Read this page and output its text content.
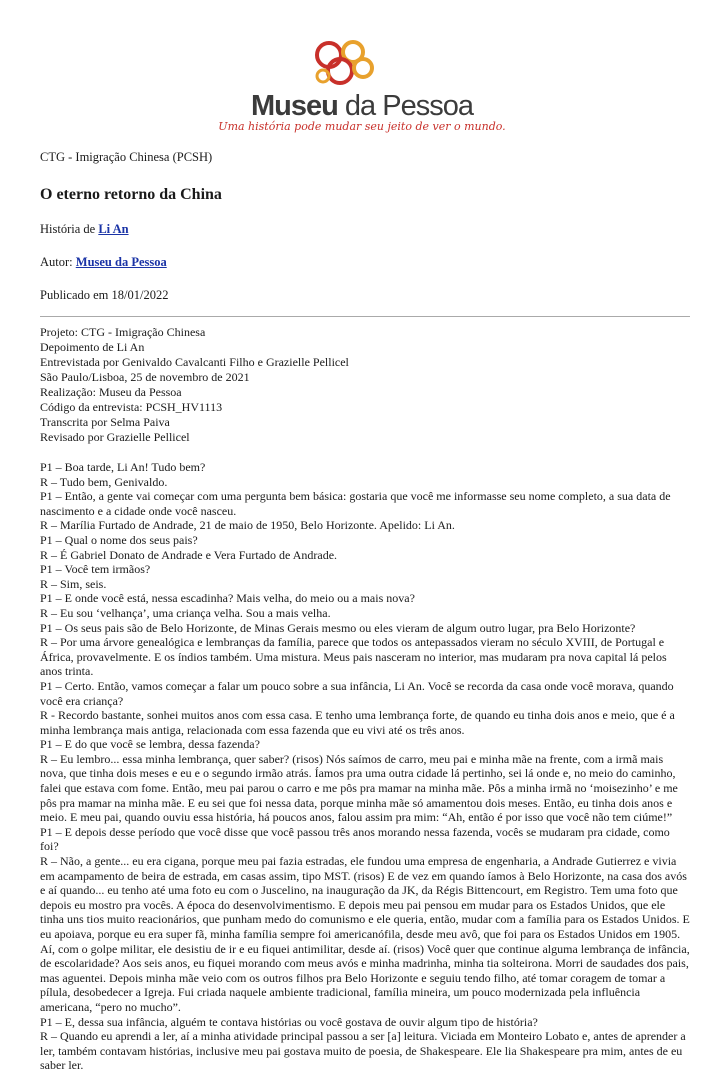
Museu da Pessoa
Uma história pode mudar seu jeito de ver o mundo.

CTG - Imigração Chinesa (PCSH)

O eterno retorno da China

História de Li An

Autor: Museu da Pessoa

Publicado em 18/01/2022

Projeto: CTG - Imigração Chinesa
Depoimento de Li An
Entrevistada por Genivaldo Cavalcanti Filho e Grazielle Pellicel
São Paulo/Lisboa, 25 de novembro de 2021
Realização: Museu da Pessoa
Código da entrevista: PCSH_HV1113
Transcrita por Selma Paiva
Revisado por Grazielle Pellicel

P1 – Boa tarde, Li An! Tudo bem?

R – Tudo bem, Genivaldo.

P1 – Então, a gente vai começar com uma pergunta bem básica: gostaria que você me informasse seu nome completo, a sua data de nascimento e a cidade onde você nasceu.

R – Marília Furtado de Andrade, 21 de maio de 1950, Belo Horizonte. Apelido: Li An.

P1 – Qual o nome dos seus pais?

R – É Gabriel Donato de Andrade e Vera Furtado de Andrade.

P1 – Você tem irmãos?

R – Sim, seis.

P1 – E onde você está, nessa escadinha? Mais velha, do meio ou a mais nova?

R – Eu sou ‘velhança’, uma criança velha. Sou a mais velha.

P1 – Os seus pais são de Belo Horizonte, de Minas Gerais mesmo ou eles vieram de algum outro lugar, pra Belo Horizonte?

R – Por uma árvore genealógica e lembranças da família, parece que todos os antepassados vieram no século XVIII, de Portugal e África, provavelmente. E os índios também. Uma mistura. Meus pais nasceram no interior, mas mudaram pra nova capital lá pelos anos trinta.

P1 – Certo. Então, vamos começar a falar um pouco sobre a sua infância, Li An. Você se recorda da casa onde você morava, quando você era criança?

R - Recordo bastante, sonhei muitos anos com essa casa. E tenho uma lembrança forte, de quando eu tinha dois anos e meio, que é a minha lembrança mais antiga, relacionada com essa fazenda que eu vivi até os três anos.

P1 – E do que você se lembra, dessa fazenda?

R – Eu lembro... essa minha lembrança, quer saber? (risos) Nós saímos de carro, meu pai e minha mãe na frente, com a irmã mais nova, que tinha dois meses e eu e o segundo irmão atrás. Íamos pra uma outra cidade lá pertinho, sei lá onde e, no meio do caminho, falei que estava com fome. Então, meu pai parou o carro e me pôs pra mamar na minha mãe. Pôs a minha irmã no ‘moisezinho’ e me pôs pra mamar na minha mãe. E eu sei que foi nessa data, porque minha mãe só amamentou dois meses. Então, eu tinha dois anos e meio. E meu pai, quando ouviu essa história, há poucos anos, falou assim pra mim: “Ah, então é por isso que você não tem ciúme!”

P1 – E depois desse período que você disse que você passou três anos morando nessa fazenda, vocês se mudaram pra cidade, como foi?

R – Não, a gente... eu era cigana, porque meu pai fazia estradas, ele fundou uma empresa de engenharia, a Andrade Gutierrez e vivia em acampamento de beira de estrada, em casas assim, tipo MST. (risos) E de vez em quando íamos à Belo Horizonte, na casa dos avós e aí quando... eu tenho até uma foto eu com o Juscelino, na inauguração da JK, da Régis Bittencourt, em Registro. Tem uma foto que depois eu mostro pra vocês. A época do desenvolvimentismo. E depois meu pai pensou em mudar para os Estados Unidos, que ele tinha uns tios muito reacionários, que punham medo do comunismo e ele queria, então, mudar com a família para os Estados Unidos. E eu apoiava, porque eu era super fã, minha família sempre foi americanófila, desde meu avô, que foi para os Estados Unidos em 1905. Aí, com o golpe militar, ele desistiu de ir e eu fiquei antimilitar, desde aí. (risos) Você quer que continue alguma lembrança de infância, de escolaridade? Aos seis anos, eu fiquei morando com meus avós e minha madrinha, minha tia solteirona. Morri de saudades dos pais, mas aguentei. Depois minha mãe veio com os outros filhos pra Belo Horizonte e seguiu tendo filho, até tomar coragem de tomar a pílula, desobedecer a Igreja. Fui criada naquele ambiente tradicional, família mineira, um pouco modernizada pela influência americana, “pero no mucho”.

P1 – E, dessa sua infância, alguém te contava histórias ou você gostava de ouvir algum tipo de história?

R – Quando eu aprendi a ler, aí a minha atividade principal passou a ser [a] leitura. Viciada em Monteiro Lobato e, antes de aprender a ler, também contavam histórias, inclusive meu pai gostava muito de poesia, de Shakespeare. Ele lia Shakespeare pra mim, antes de eu saber ler.
